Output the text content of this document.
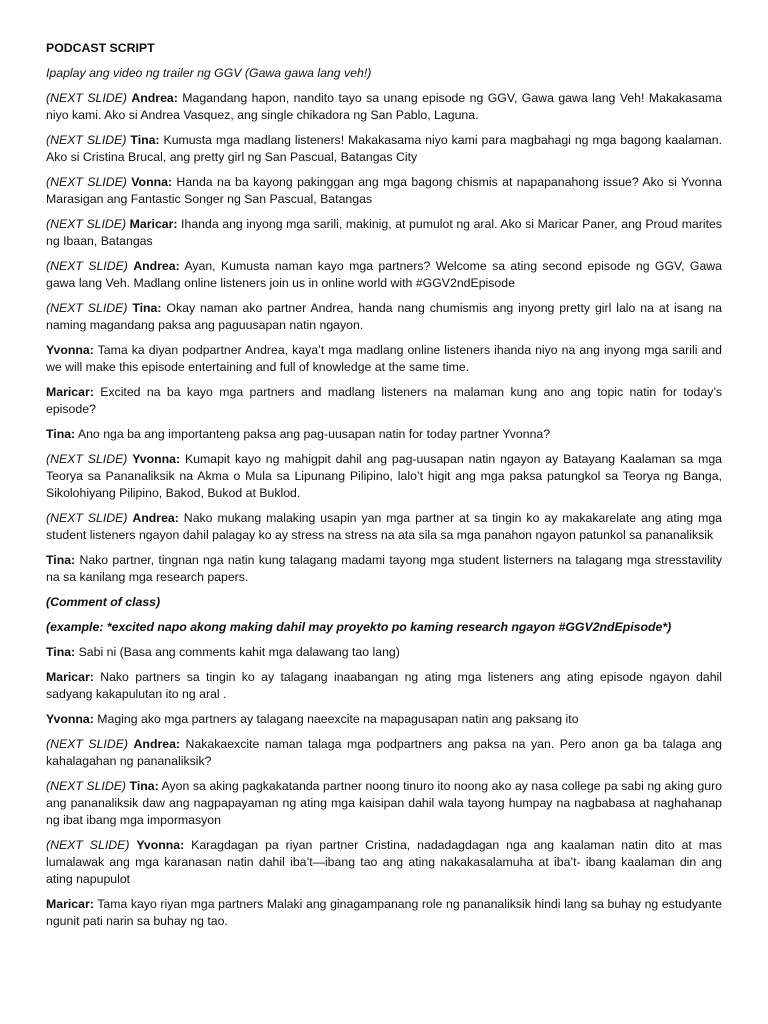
PODCAST SCRIPT
Ipaplay ang video ng trailer ng GGV (Gawa gawa lang veh!)
(NEXT SLIDE) Andrea: Magandang hapon, nandito tayo sa unang episode ng GGV, Gawa gawa lang Veh! Makakasama niyo kami. Ako si Andrea Vasquez, ang single chikadora ng San Pablo, Laguna.
(NEXT SLIDE) Tina: Kumusta mga madlang listeners! Makakasama niyo kami para magbahagi ng mga bagong kaalaman. Ako si Cristina Brucal, ang pretty girl ng San Pascual, Batangas City
(NEXT SLIDE) Vonna: Handa na ba kayong pakinggan ang mga bagong chismis at napapanahong issue? Ako si Yvonna Marasigan ang Fantastic Songer ng San Pascual, Batangas
(NEXT SLIDE) Maricar: Ihanda ang inyong mga sarili, makinig, at pumulot ng aral. Ako si Maricar Paner, ang Proud marites ng Ibaan, Batangas
(NEXT SLIDE) Andrea: Ayan, Kumusta naman kayo mga partners? Welcome sa ating second episode ng GGV, Gawa gawa lang Veh. Madlang online listeners join us in online world with #GGV2ndEpisode
(NEXT SLIDE) Tina: Okay naman ako partner Andrea, handa nang chumismis ang inyong pretty girl lalo na at isang na naming magandang paksa ang paguusapan natin ngayon.
Yvonna: Tama ka diyan podpartner Andrea, kaya’t mga madlang online listeners ihanda niyo na ang inyong mga sarili and we will make this episode entertaining and full of knowledge at the same time.
Maricar: Excited na ba kayo mga partners and madlang listeners na malaman kung ano ang topic natin for today’s episode?
Tina: Ano nga ba ang importanteng paksa ang pag-uusapan natin for today partner Yvonna?
(NEXT SLIDE) Yvonna: Kumapit kayo ng mahigpit dahil ang pag-uusapan natin ngayon ay Batayang Kaalaman sa mga Teorya sa Pananaliksik na Akma o Mula sa Lipunang Pilipino, lalo’t higit ang mga paksa patungkol sa Teorya ng Banga, Sikolohiyang Pilipino, Bakod, Bukod at Buklod.
(NEXT SLIDE) Andrea: Nako mukang malaking usapin yan mga partner at sa tingin ko ay makakarelate ang ating mga student listeners ngayon dahil palagay ko ay stress na stress na ata sila sa mga panahon ngayon patunkol sa pananaliksik
Tina: Nako partner, tingnan nga natin kung talagang madami tayong mga student listerners na talagang mga stresstavility na sa kanilang mga research papers.
(Comment of class)
(example: *excited napo akong making dahil may proyekto po kaming research ngayon #GGV2ndEpisode*)
Tina: Sabi ni (Basa ang comments kahit mga dalawang tao lang)
Maricar: Nako partners sa tingin ko ay talagang inaabangan ng ating mga listeners ang ating episode ngayon dahil sadyang kakapulutan ito ng aral .
Yvonna: Maging ako mga partners ay talagang naeexcite na mapagusapan natin ang paksang ito
(NEXT SLIDE) Andrea: Nakakaexcite naman talaga mga podpartners ang paksa na yan. Pero anon ga ba talaga ang kahalagahan ng pananaliksik?
(NEXT SLIDE) Tina: Ayon sa aking pagkakatanda partner noong tinuro ito noong ako ay nasa college pa sabi ng aking guro ang pananaliksik daw ang nagpapayaman ng ating mga kaisipan dahil wala tayong humpay na nagbabasa at naghahanap ng ibat ibang mga impormasyon
(NEXT SLIDE) Yvonna: Karagdagan pa riyan partner Cristina, nadadagdagan nga ang kaalaman natin dito at mas lumalawak ang mga karanasan natin dahil iba’t—ibang tao ang ating nakakasalamuha at iba’t- ibang kaalaman din ang ating napupulot
Maricar: Tama kayo riyan mga partners Malaki ang ginagampanang role ng pananaliksik hindi lang sa buhay ng estudyante ngunit pati narin sa buhay ng tao.
